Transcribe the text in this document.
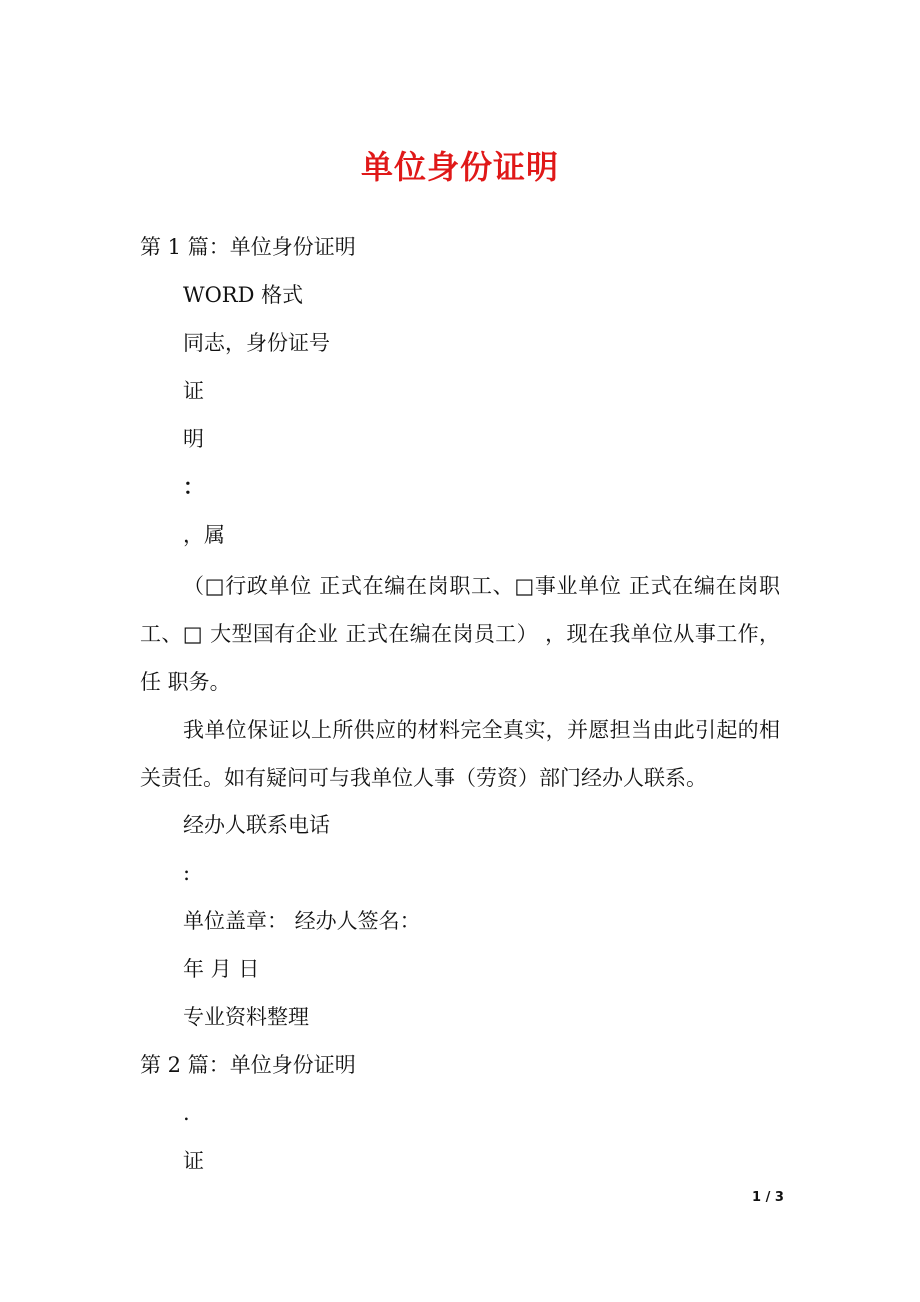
单位身份证明
第 1 篇：单位身份证明
WORD 格式
同志，身份证号
证
明
：
，属
（□行政单位 正式在编在岗职工、□事业单位 正式在编在岗职工、□ 大型国有企业 正式在编在岗员工） ，现在我单位从事工作，任 职务。
我单位保证以上所供应的材料完全真实，并愿担当由此引起的相关责任。如有疑问可与我单位人事（劳资）部门经办人联系。
经办人联系电话
:
单位盖章： 经办人签名：
年 月 日
专业资料整理
第 2 篇：单位身份证明
.
证
1 / 3
